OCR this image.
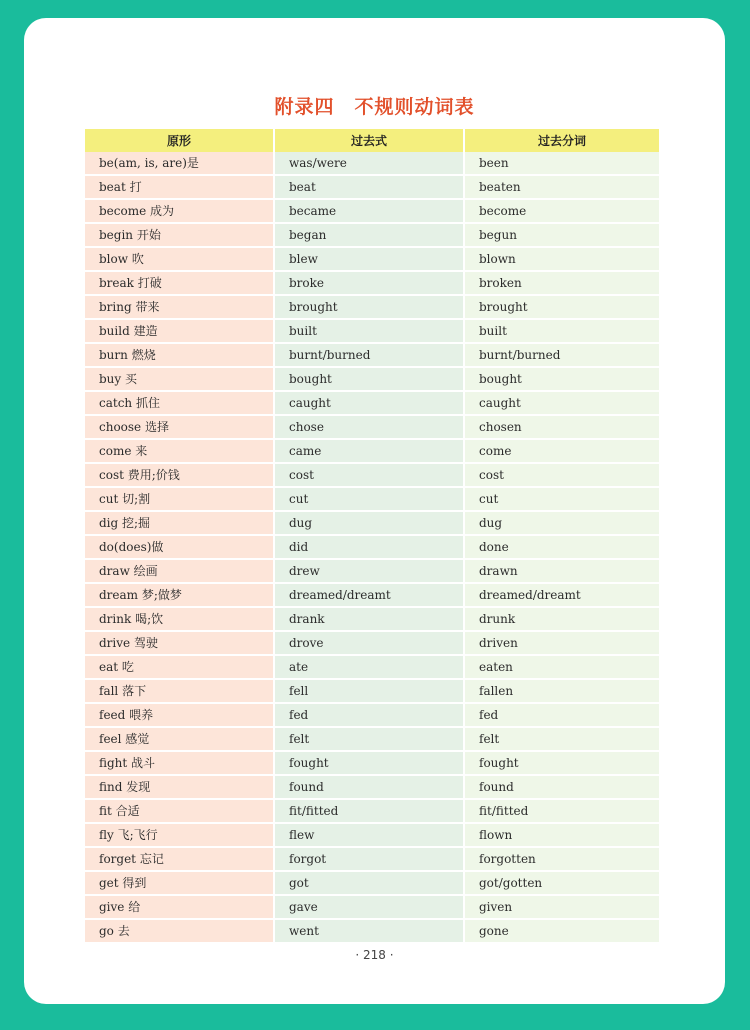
附录四　不规则动词表
原形	过去式	过去分词
be(am, is, are)是	was/were	been
beat 打	beat	beaten
become 成为	became	become
begin 开始	began	begun
blow 吹	blew	blown
break 打破	broke	broken
bring 带来	brought	brought
build 建造	built	built
burn 燃烧	burnt/burned	burnt/burned
buy 买	bought	bought
catch 抓住	caught	caught
choose 选择	chose	chosen
come 来	came	come
cost 费用;价钱	cost	cost
cut 切;割	cut	cut
dig 挖;掘	dug	dug
do(does)做	did	done
draw 绘画	drew	drawn
dream 梦;做梦	dreamed/dreamt	dreamed/dreamt
drink 喝;饮	drank	drunk
drive 驾驶	drove	driven
eat 吃	ate	eaten
fall 落下	fell	fallen
feed 喂养	fed	fed
feel 感觉	felt	felt
fight 战斗	fought	fought
find 发现	found	found
fit 合适	fit/fitted	fit/fitted
fly 飞;飞行	flew	flown
forget 忘记	forgot	forgotten
get 得到	got	got/gotten
give 给	gave	given
go 去	went	gone
· 218 ·
